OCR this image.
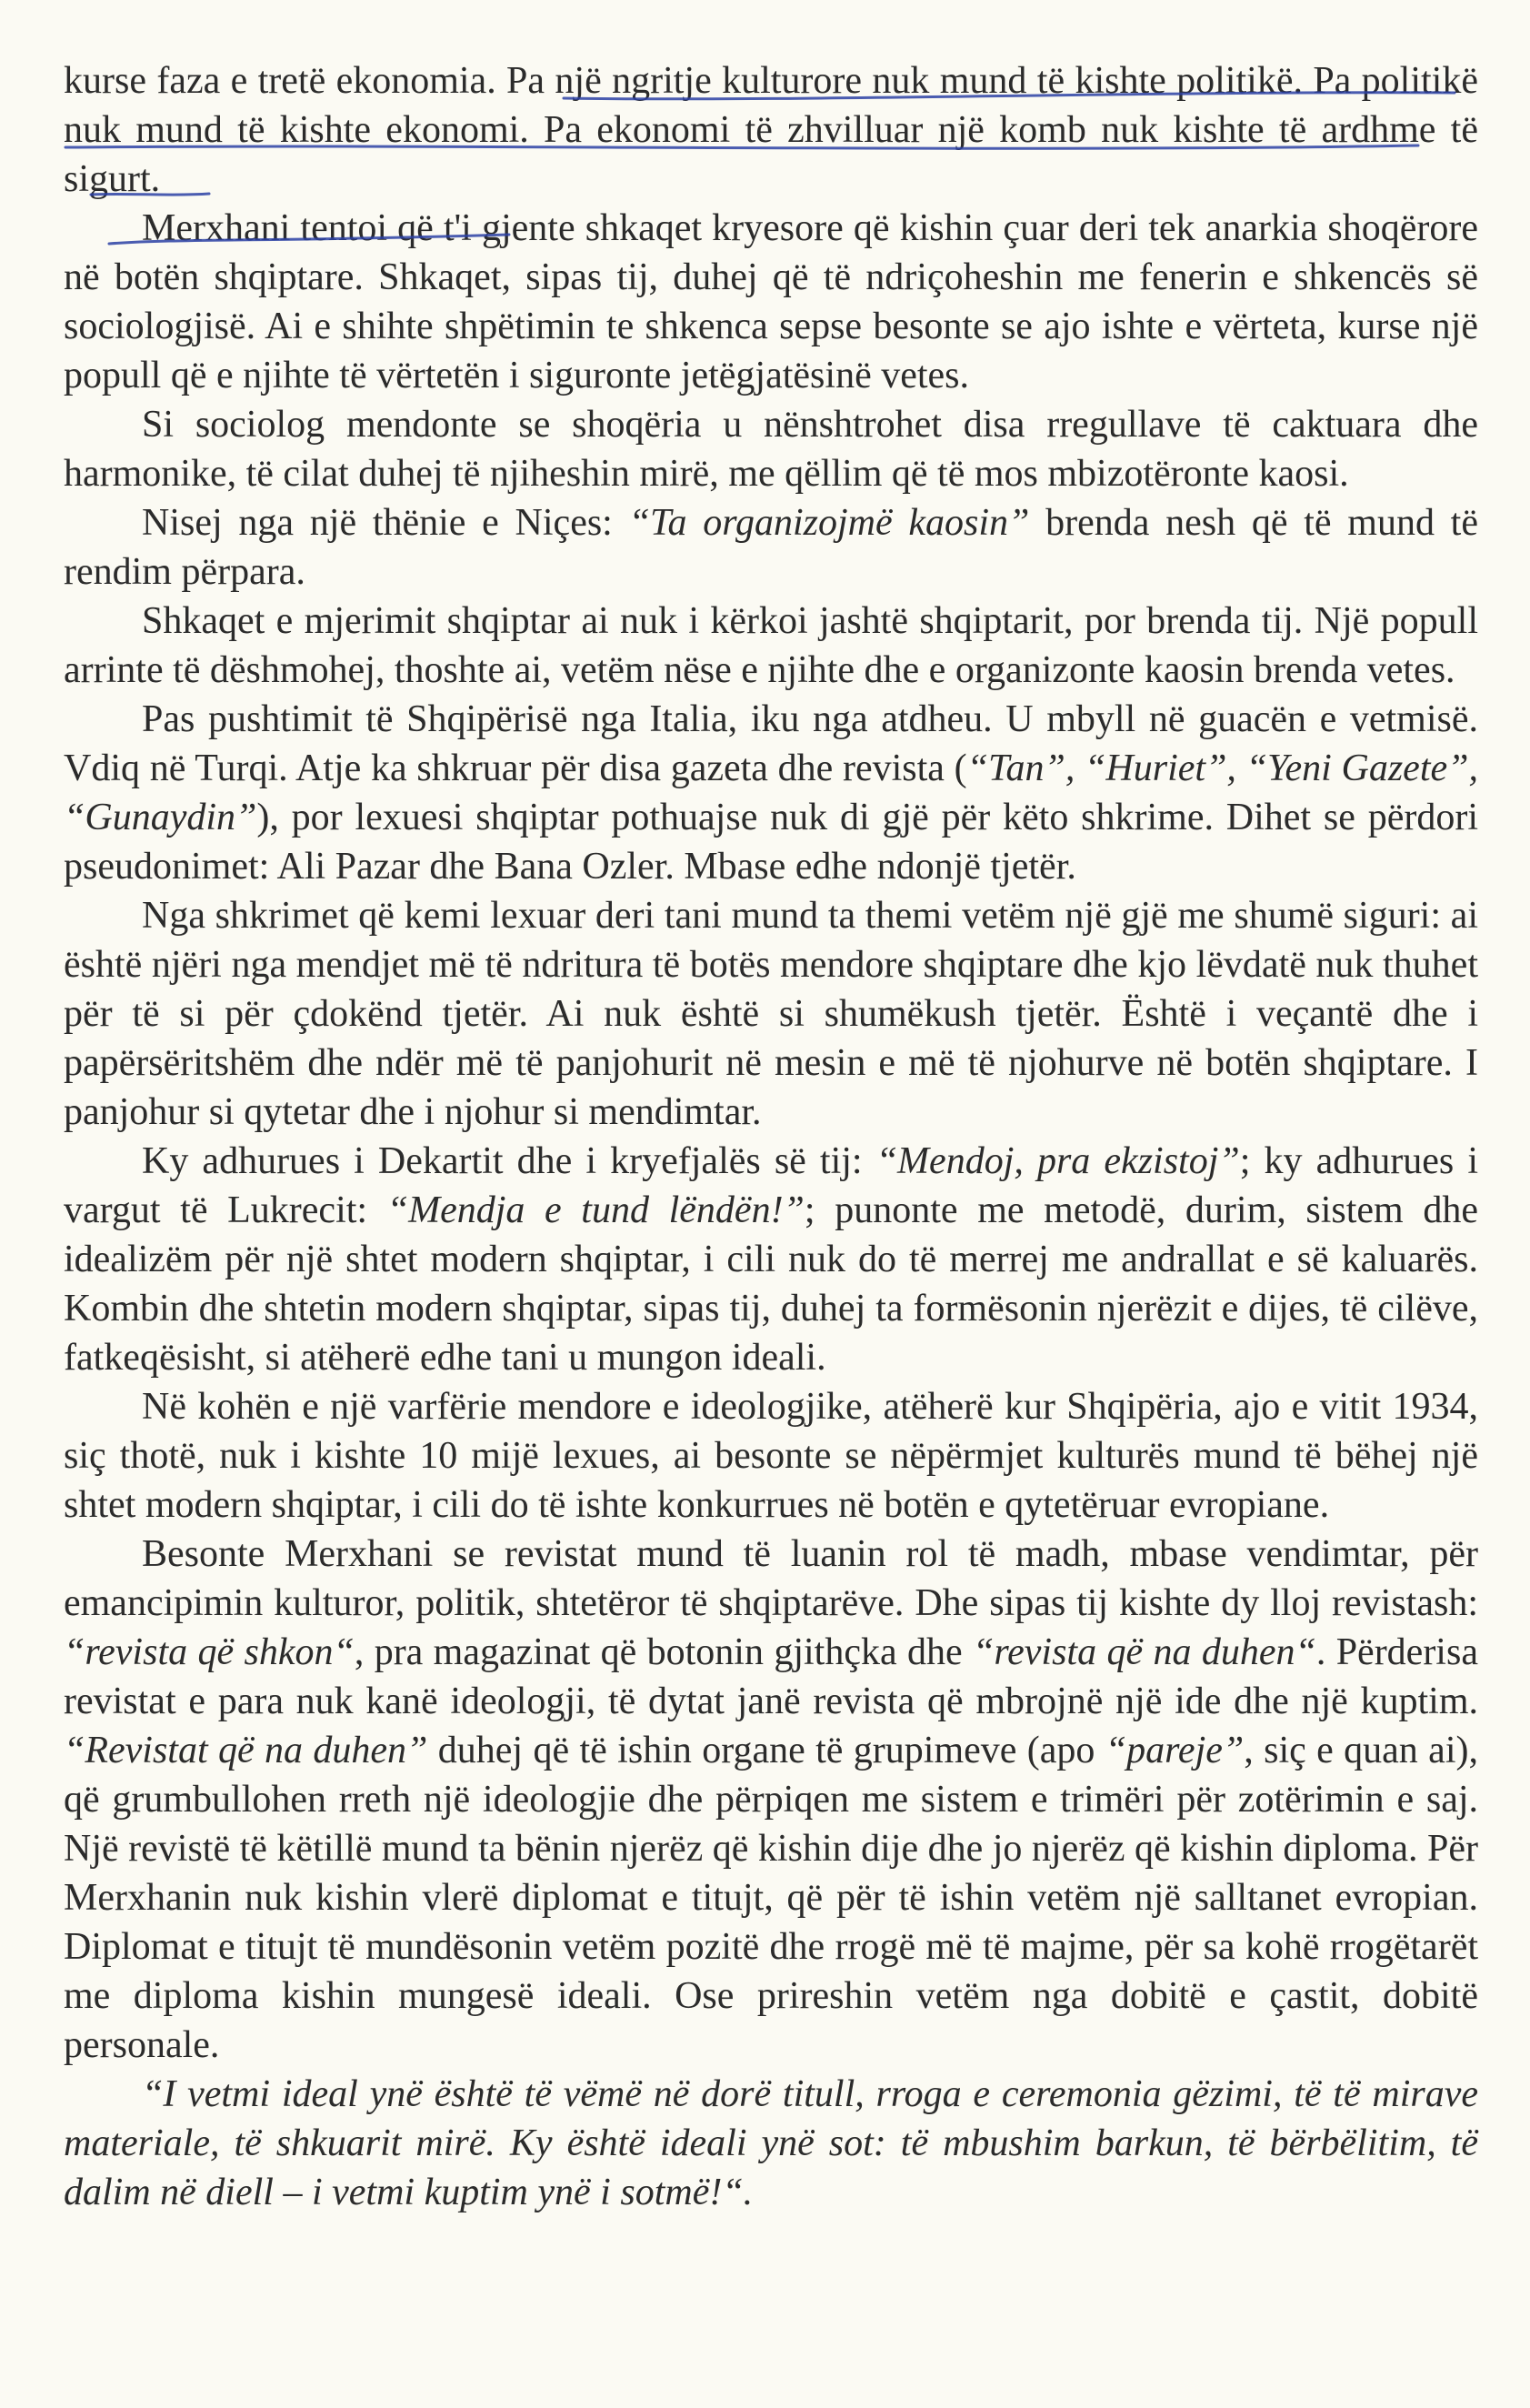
kurse faza e tretë ekonomia. Pa një ngritje kulturore nuk mund të kishte politikë. Pa politikë nuk mund të kishte ekonomi. Pa ekonomi të zhvilluar një komb nuk kishte të ardhme të sigurt.

Merxhani tentoi që t'i gjente shkaqet kryesore që kishin çuar deri tek anarkia shoqërore në botën shqiptare. Shkaqet, sipas tij, duhej që të ndriçoheshin me fenerin e shkencës së sociologjisë. Ai e shihte shpëtimin te shkenca sepse besonte se ajo ishte e vërteta, kurse një popull që e njihte të vërtetën i siguronte jetëgjatësinë vetes.

Si sociolog mendonte se shoqëria u nënshtrohet disa rregullave të caktuara dhe harmonike, të cilat duhej të njiheshin mirë, me qëllim që të mos mbizotëronte kaosi.

Nisej nga një thënie e Niçes: “Ta organizojmë kaosin” brenda nesh që të mund të rendim përpara.

Shkaqet e mjerimit shqiptar ai nuk i kërkoi jashtë shqiptarit, por brenda tij. Një popull arrinte të dëshmohej, thoshte ai, vetëm nëse e njihte dhe e organizonte kaosin brenda vetes.

Pas pushtimit të Shqipërisë nga Italia, iku nga atdheu. U mbyll në guacën e vetmisë. Vdiq në Turqi. Atje ka shkruar për disa gazeta dhe revista (“Tan”, “Huriet”, “Yeni Gazete”, “Gunaydin”), por lexuesi shqiptar pothuajse nuk di gjë për këto shkrime. Dihet se përdori pseudonimet: Ali Pazar dhe Bana Ozler. Mbase edhe ndonjë tjetër.

Nga shkrimet që kemi lexuar deri tani mund ta themi vetëm një gjë me shumë siguri: ai është njëri nga mendjet më të ndritura të botës mendore shqiptare dhe kjo lëvdatë nuk thuhet për të si për çdokënd tjetër. Ai nuk është si shumëkush tjetër. Është i veçantë dhe i papërsëritshëm dhe ndër më të panjohurit në mesin e më të njohurve në botën shqiptare. I panjohur si qytetar dhe i njohur si mendimtar.

Ky adhurues i Dekartit dhe i kryefjalës së tij: “Mendoj, pra ekzistoj”; ky adhurues i vargut të Lukrecit: “Mendja e tund lëndën!”; punonte me metodë, durim, sistem dhe idealizëm për një shtet modern shqiptar, i cili nuk do të merrej me andrallat e së kaluarës. Kombin dhe shtetin modern shqiptar, sipas tij, duhej ta formësonin njerëzit e dijes, të cilëve, fatkeqësisht, si atëherë edhe tani u mungon ideali.

Në kohën e një varfërie mendore e ideologjike, atëherë kur Shqipëria, ajo e vitit 1934, siç thotë, nuk i kishte 10 mijë lexues, ai besonte se nëpërmjet kulturës mund të bëhej një shtet modern shqiptar, i cili do të ishte konkurrues në botën e qytetëruar evropiane.

Besonte Merxhani se revistat mund të luanin rol të madh, mbase vendimtar, për emancipimin kulturor, politik, shtetëror të shqiptarëve. Dhe sipas tij kishte dy lloj revistash: “revista që shkon“, pra magazinat që botonin gjithçka dhe “revista që na duhen“. Përderisa revistat e para nuk kanë ideologji, të dytat janë revista që mbrojnë një ide dhe një kuptim. “Revistat që na duhen” duhej që të ishin organe të grupimeve (apo “pareje”, siç e quan ai), që grumbullohen rreth një ideologjie dhe përpiqen me sistem e trimëri për zotërimin e saj. Një revistë të këtillë mund ta bënin njerëz që kishin dije dhe jo njerëz që kishin diploma. Për Merxhanin nuk kishin vlerë diplomat e titujt, që për të ishin vetëm një salltanet evropian. Diplomat e titujt të mundësonin vetëm pozitë dhe rrogë më të majme, për sa kohë rrogëtarët me diploma kishin mungesë ideali. Ose prireshin vetëm nga dobitë e çastit, dobitë personale.

“I vetmi ideal ynë është të vëmë në dorë titull, rroga e ceremonia gëzimi, të të mirave materiale, të shkuarit mirë. Ky është ideali ynë sot: të mbushim barkun, të bërbëlitim, të dalim në diell – i vetmi kuptim ynë i sotmë!“.
